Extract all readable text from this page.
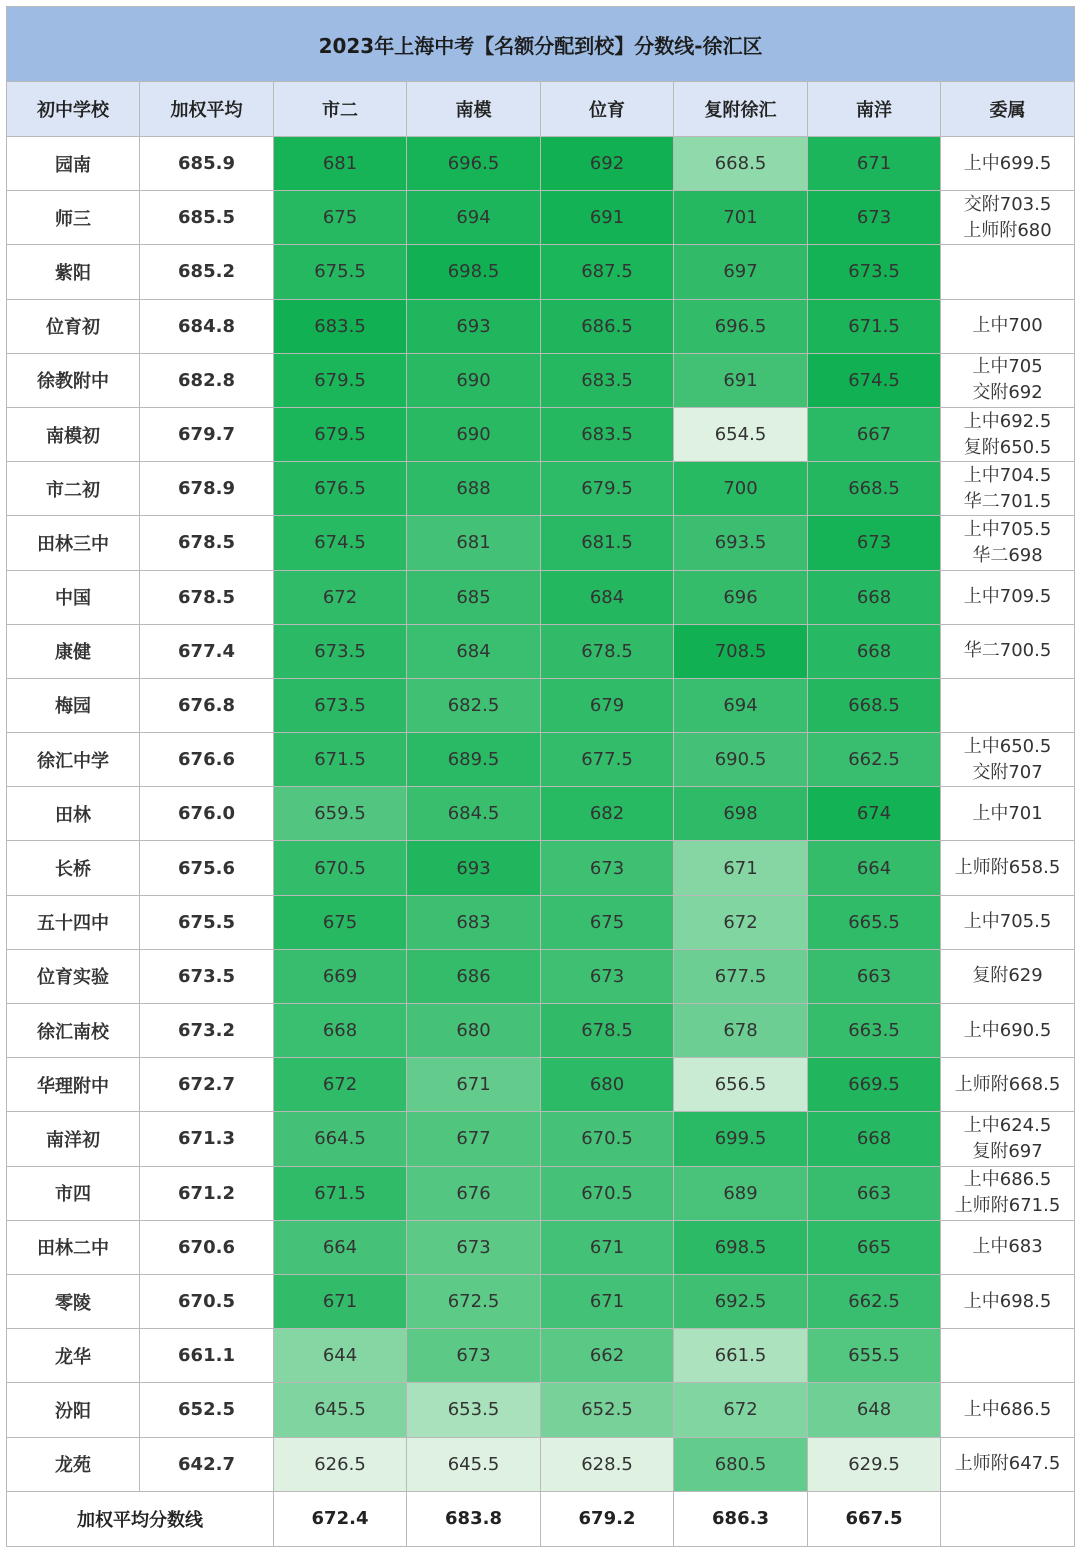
2023年上海中考【名额分配到校】分数线-徐汇区							
初中学校	加权平均	市二	南模	位育	复附徐汇	南洋	委属
园南	685.9	681	696.5	692	668.5	671	上中699.5

师三	685.5	675	694	691	701	673	交附703.5
上师附680

紫阳	685.2	675.5	698.5	687.5	697	673.5	
位育初	684.8	683.5	693	686.5	696.5	671.5	上中700

徐教附中	682.8	679.5	690	683.5	691	674.5	上中705
交附692

南模初	679.7	679.5	690	683.5	654.5	667	上中692.5
复附650.5

市二初	678.9	676.5	688	679.5	700	668.5	上中704.5
华二701.5

田林三中	678.5	674.5	681	681.5	693.5	673	上中705.5
华二698

中国	678.5	672	685	684	696	668	上中709.5

康健	677.4	673.5	684	678.5	708.5	668	华二700.5

梅园	676.8	673.5	682.5	679	694	668.5	
徐汇中学	676.6	671.5	689.5	677.5	690.5	662.5	上中650.5
交附707

田林	676.0	659.5	684.5	682	698	674	上中701

长桥	675.6	670.5	693	673	671	664	上师附658.5

五十四中	675.5	675	683	675	672	665.5	上中705.5

位育实验	673.5	669	686	673	677.5	663	复附629

徐汇南校	673.2	668	680	678.5	678	663.5	上中690.5

华理附中	672.7	672	671	680	656.5	669.5	上师附668.5

南洋初	671.3	664.5	677	670.5	699.5	668	上中624.5
复附697

市四	671.2	671.5	676	670.5	689	663	上中686.5
上师附671.5

田林二中	670.6	664	673	671	698.5	665	上中683

零陵	670.5	671	672.5	671	692.5	662.5	上中698.5

龙华	661.1	644	673	662	661.5	655.5	
汾阳	652.5	645.5	653.5	652.5	672	648	上中686.5

龙苑	642.7	626.5	645.5	628.5	680.5	629.5	上师附647.5

加权平均分数线		672.4	683.8	679.2	686.3	667.5	
